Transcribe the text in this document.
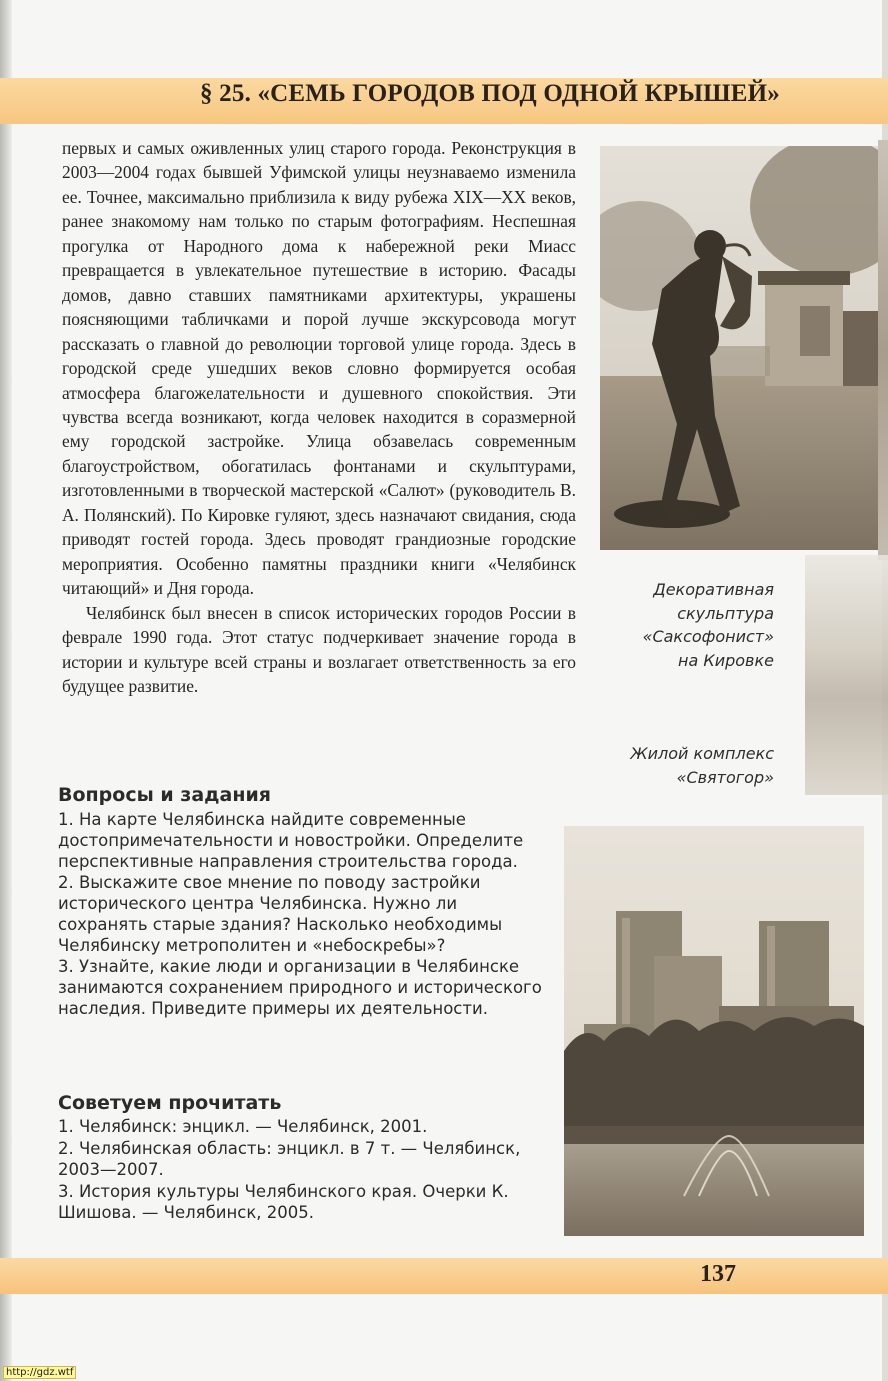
§ 25. «СЕМЬ ГОРОДОВ ПОД ОДНОЙ КРЫШЕЙ»

первых и самых оживленных улиц старого города. Реконструкция в 2003—2004 годах бывшей Уфимской улицы неузнаваемо изменила ее. Точнее, максимально приблизила к виду рубежа XIX—XX веков, ранее знакомому нам только по старым фотографиям. Неспешная прогулка от Народного дома к набережной реки Миасс превращается в увлекательное путешествие в историю. Фасады домов, давно ставших памятниками архитектуры, украшены поясняющими табличками и порой лучше экскурсовода могут рассказать о главной до революции торговой улице города. Здесь в городской среде ушедших веков словно формируется особая атмосфера благожелательности и душевного спокойствия. Эти чувства всегда возникают, когда человек находится в соразмерной ему городской застройке. Улица обзавелась современным благоустройством, обогатилась фонтанами и скульптурами, изготовленными в творческой мастерской «Салют» (руководитель В. А. Полянский). По Кировке гуляют, здесь назначают свидания, сюда приводят гостей города. Здесь проводят грандиозные городские мероприятия. Особенно памятны праздники книги «Челябинск читающий» и Дня города.

Челябинск был внесен в список исторических городов России в феврале 1990 года. Этот статус подчеркивает значение города в истории и культуре всей страны и возлагает ответственность за его будущее развитие.

Декоративная
скульптура
«Саксофонист»
на Кировке
Жилой комплекс
«Святогор»
Вопросы и задания
1. На карте Челябинска найдите современные достопримечательности и новостройки. Определите перспективные направления строительства города.
2. Выскажите свое мнение по поводу застройки исторического центра Челябинска. Нужно ли сохранять старые здания? Насколько необходимы Челябинску метрополитен и «небоскребы»?
3. Узнайте, какие люди и организации в Челябинске занимаются сохранением природного и исторического наследия. Приведите примеры их деятельности.
Советуем прочитать
1. Челябинск: энцикл. — Челябинск, 2001.
2. Челябинская область: энцикл. в 7 т. — Челябинск, 2003—2007.
3. История культуры Челябинского края. Очерки К. Шишова. — Челябинск, 2005.
137
http://gdz.wtf
